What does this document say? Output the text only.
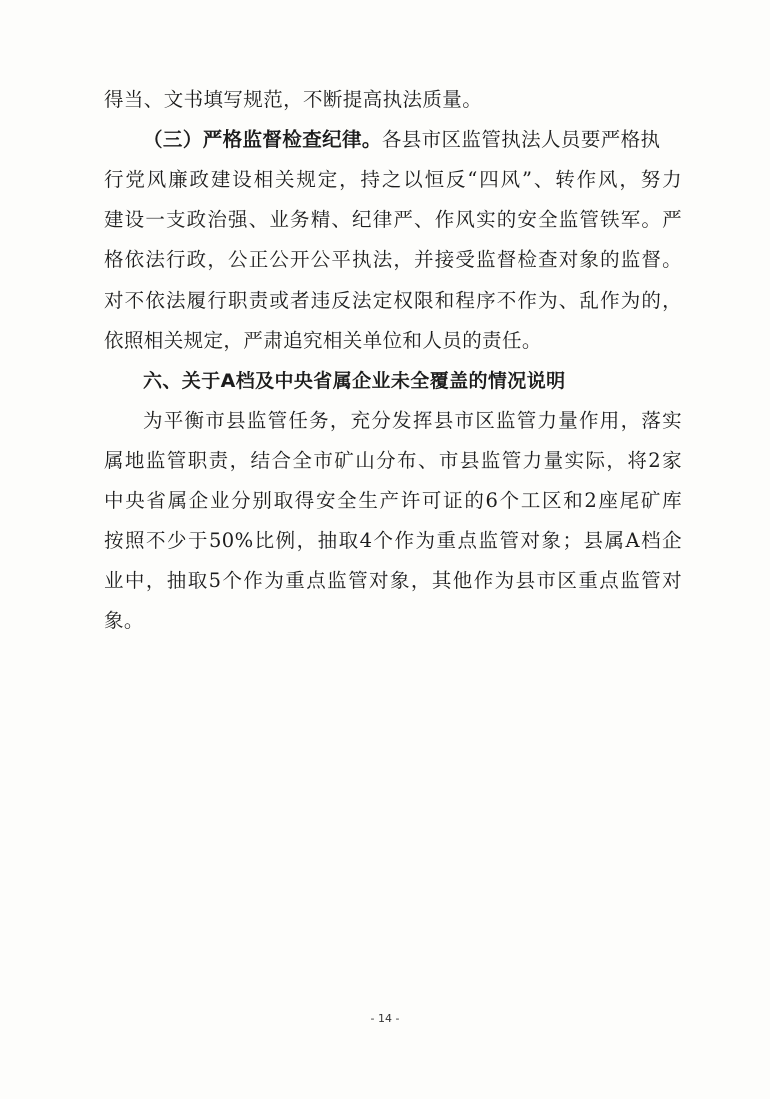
得当、文书填写规范，不断提高执法质量。
（三）严格监督检查纪律。各县市区监管执法人员要严格执
行党风廉政建设相关规定，持之以恒反“四风”、转作风，努力
建设一支政治强、业务精、纪律严、作风实的安全监管铁军。严
格依法行政，公正公开公平执法，并接受监督检查对象的监督。
对不依法履行职责或者违反法定权限和程序不作为、乱作为的，
依照相关规定，严肃追究相关单位和人员的责任。
六、关于A档及中央省属企业未全覆盖的情况说明
为平衡市县监管任务，充分发挥县市区监管力量作用，落实
属地监管职责，结合全市矿山分布、市县监管力量实际，将2家
中央省属企业分别取得安全生产许可证的6个工区和2座尾矿库
按照不少于50%比例，抽取4个作为重点监管对象；县属A档企
业中，抽取5个作为重点监管对象，其他作为县市区重点监管对
象。
- 14 -
